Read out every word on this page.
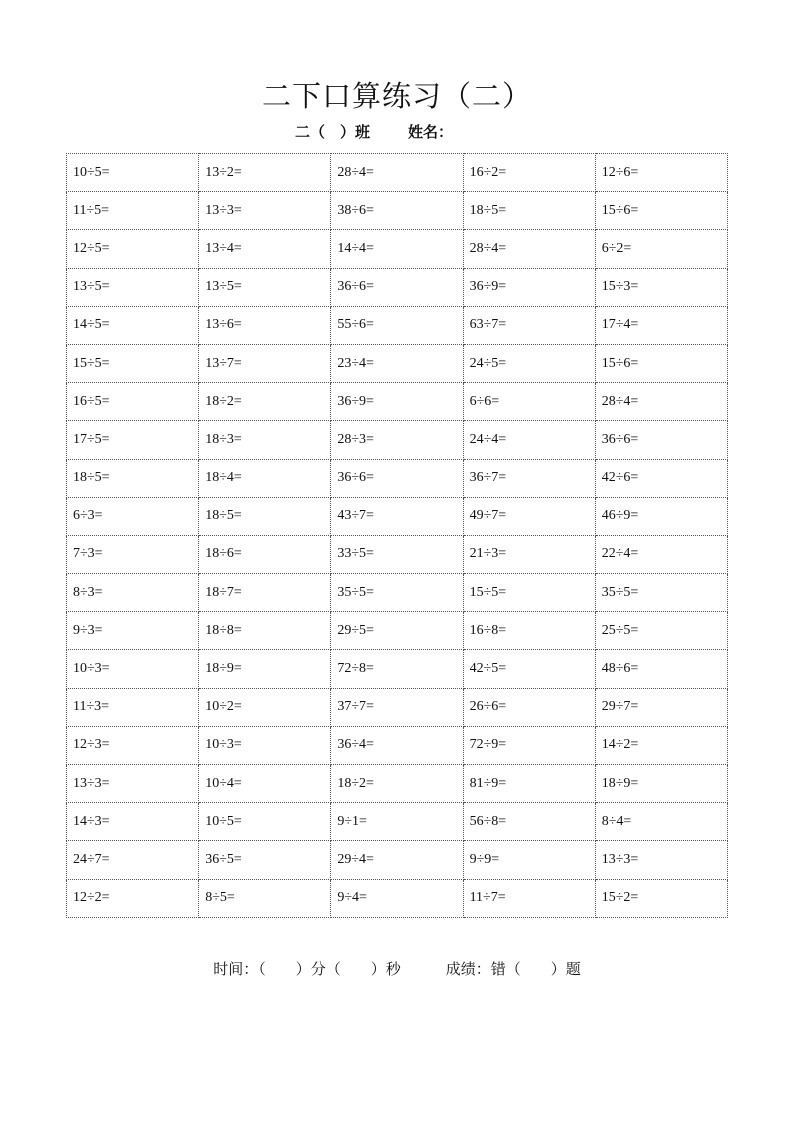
二下口算练习（二）
二（　）班	姓名：
10÷5=	13÷2=	28÷4=	16÷2=	12÷6=
11÷5=	13÷3=	38÷6=	18÷5=	15÷6=
12÷5=	13÷4=	14÷4=	28÷4=	6÷2=
13÷5=	13÷5=	36÷6=	36÷9=	15÷3=
14÷5=	13÷6=	55÷6=	63÷7=	17÷4=
15÷5=	13÷7=	23÷4=	24÷5=	15÷6=
16÷5=	18÷2=	36÷9=	6÷6=	28÷4=
17÷5=	18÷3=	28÷3=	24÷4=	36÷6=
18÷5=	18÷4=	36÷6=	36÷7=	42÷6=
6÷3=	18÷5=	43÷7=	49÷7=	46÷9=
7÷3=	18÷6=	33÷5=	21÷3=	22÷4=
8÷3=	18÷7=	35÷5=	15÷5=	35÷5=
9÷3=	18÷8=	29÷5=	16÷8=	25÷5=
10÷3=	18÷9=	72÷8=	42÷5=	48÷6=
11÷3=	10÷2=	37÷7=	26÷6=	29÷7=
12÷3=	10÷3=	36÷4=	72÷9=	14÷2=
13÷3=	10÷4=	18÷2=	81÷9=	18÷9=
14÷3=	10÷5=	9÷1=	56÷8=	8÷4=
24÷7=	36÷5=	29÷4=	9÷9=	13÷3=
12÷2=	8÷5=	9÷4=	11÷7=	15÷2=
时间：（　　）分（　　）秒　　　成绩：错（　　）题
